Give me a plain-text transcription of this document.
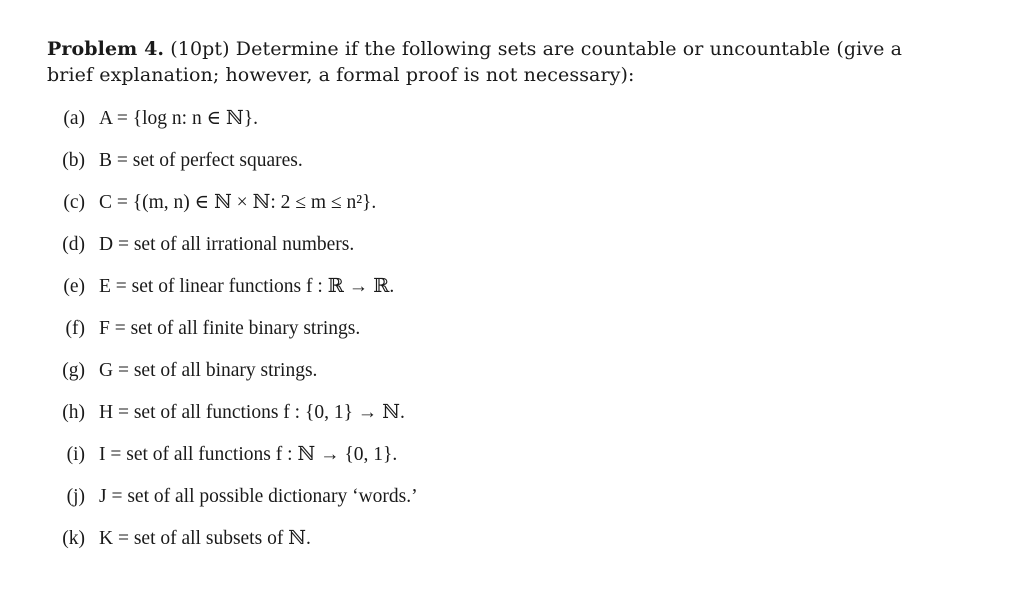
Problem 4. (10pt) Determine if the following sets are countable or uncountable (give a brief explanation; however, a formal proof is not necessary):

(a) A = {log n: n ∈ ℕ}.
(b) B = set of perfect squares.
(c) C = {(m, n) ∈ ℕ × ℕ: 2 ≤ m ≤ n²}.
(d) D = set of all irrational numbers.
(e) E = set of linear functions f : ℝ → ℝ.
(f) F = set of all finite binary strings.
(g) G = set of all binary strings.
(h) H = set of all functions f : {0, 1} → ℕ.
(i) I = set of all functions f : ℕ → {0, 1}.
(j) J = set of all possible dictionary ‘words.’
(k) K = set of all subsets of ℕ.
